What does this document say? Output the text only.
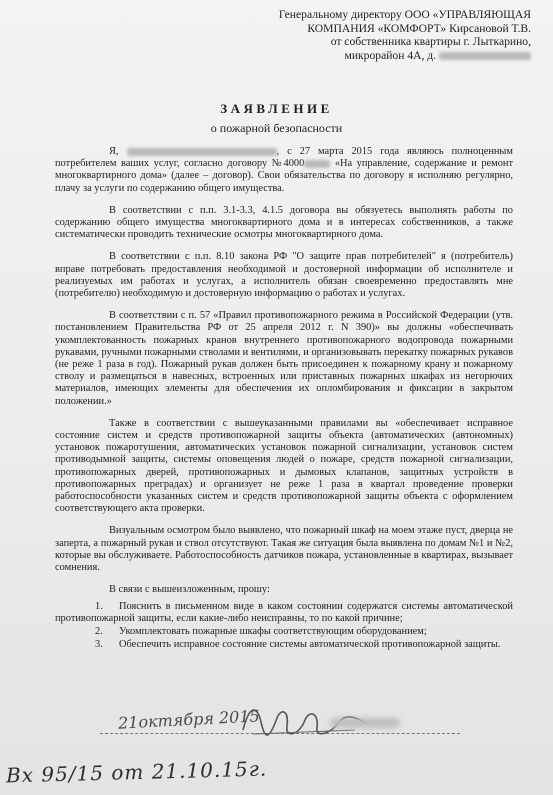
Генеральному директору ООО «УПРАВЛЯЮЩАЯ
КОМПАНИЯ «КОМФОРТ» Кирсановой Т.В.
от собственника квартиры г. Лыткарино,
микрорайон 4А, д.
ЗАЯВЛЕНИЕ
о пожарной безопасности

Я,	, с 27 марта 2015 года являюсь полноценным потребителем ваших услуг, согласно договору №4000	«На управление, содержание и ремонт многоквартирного дома» (далее – договор). Свои обязательства по договору я исполняю регулярно, плачу за услуги по содержанию общего имущества.

В соответствии с п.п. 3.1-3.3, 4.1.5 договора вы обязуетесь выполнять работы по содержанию общего имущества многоквартирного дома и в интересах собственников, а также систематически проводить технические осмотры многоквартирного дома.

В соответствии с п.п. 8.10 закона РФ "О защите прав потребителей" я (потребитель) вправе потребовать предоставления необходимой и достоверной информации об исполнителе и реализуемых им работах и услугах, а исполнитель обязан своевременно предоставлять мне (потребителю) необходимую и достоверную информацию о работах и услугах.

В соответствии с п. 57 «Правил противопожарного режима в Российской Федерации (утв. постановлением Правительства РФ от 25 апреля 2012 г. N 390)» вы должны «обеспечивать укомплектованность пожарных кранов внутреннего противопожарного водопровода пожарными рукавами, ручными пожарными стволами и вентилями, и организовывать перекатку пожарных рукавов (не реже 1 раза в год). Пожарный рукав должен быть присоединен к пожарному крану и пожарному стволу и размещаться в навесных, встроенных или приставных пожарных шкафах из негорючих материалов, имеющих элементы для обеспечения их опломбирования и фиксации в закрытом положении.»

Также в соответствии с вышеуказанными правилами вы «обеспечивает исправное состояние систем и средств противопожарной защиты объекта (автоматических (автономных) установок пожаротушения, автоматических установок пожарной сигнализации, установок систем противодымной защиты, системы оповещения людей о пожаре, средств пожарной сигнализации, противопожарных дверей, противопожарных и дымовых клапанов, защитных устройств в противопожарных преградах) и организует не реже 1 раза в квартал проведение проверки работоспособности указанных систем и средств противопожарной защиты объекта с оформлением соответствующего акта проверки.

Визуальным осмотром было выявлено, что пожарный шкаф на моем этаже пуст, дверца не заперта, а пожарный рукав и ствол отсутствуют. Такая же ситуация была выявлена по домам №1 и №2, которые вы обслуживаете. Работоспособность датчиков пожара, установленные в квартирах, вызывает сомнения.

В связи с вышеизложенным, прошу:

1. Пояснить в письменном виде в каком состоянии содержатся системы автоматической противопожарной защиты, если какие-либо неисправны, то по какой причине;
2. Укомплектовать пожарные шкафы соответствующим оборудованием;
3. Обеспечить исправное состояние системы автоматической противопожарной защиты.
21октября 2015
Вх 95/15 от 21.10.15г.
